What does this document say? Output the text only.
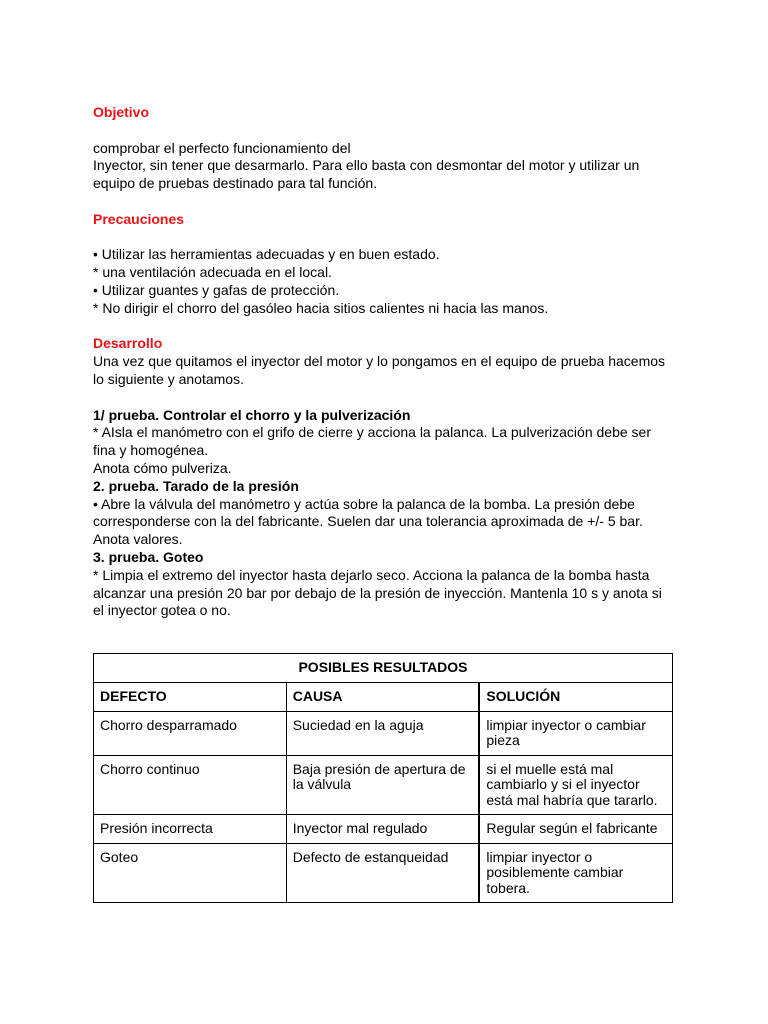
Objetivo
comprobar el perfecto funcionamiento del
Inyector, sin tener que desarmarlo. Para ello basta con desmontar del motor y utilizar un
equipo de pruebas destinado para tal función.
Precauciones
• Utilizar las herramientas adecuadas y en buen estado.
* una ventilación adecuada en el local.
• Utilizar guantes y gafas de protección.
* No dirigir el chorro del gasóleo hacia sitios calientes ni hacia las manos.
Desarrollo
Una vez que quitamos el inyector del motor y lo pongamos en el equipo de prueba hacemos
lo siguiente y anotamos.
1/ prueba. Controlar el chorro y la pulverización
* AIsla el manómetro con el grifo de cierre y acciona la palanca. La pulverización debe ser
fina y homogénea.
Anota cómo pulveriza.
2. prueba. Tarado de la presión
• Abre la válvula del manómetro y actúa sobre la palanca de la bomba. La presión debe
corresponderse con la del fabricante. Suelen dar una tolerancia aproximada de +/- 5 bar.
Anota valores.
3. prueba. Goteo
* Limpia el extremo del inyector hasta dejarlo seco. Acciona la palanca de la bomba hasta
alcanzar una presión 20 bar por debajo de la presión de inyección. Mantenla 10 s y anota si
el inyector gotea o no.
POSIBLES RESULTADOS		
DEFECTO	CAUSA	SOLUCIÓN
Chorro desparramado	Suciedad en la aguja	limpiar inyector o cambiar pieza
Chorro continuo	Baja presión de apertura de la válvula	si el muelle está mal cambiarlo y si el inyector está mal habría que tararlo.
Presión incorrecta	Inyector mal regulado	Regular según el fabricante
Goteo	Defecto de estanqueidad	limpiar inyector o posiblemente cambiar tobera.
